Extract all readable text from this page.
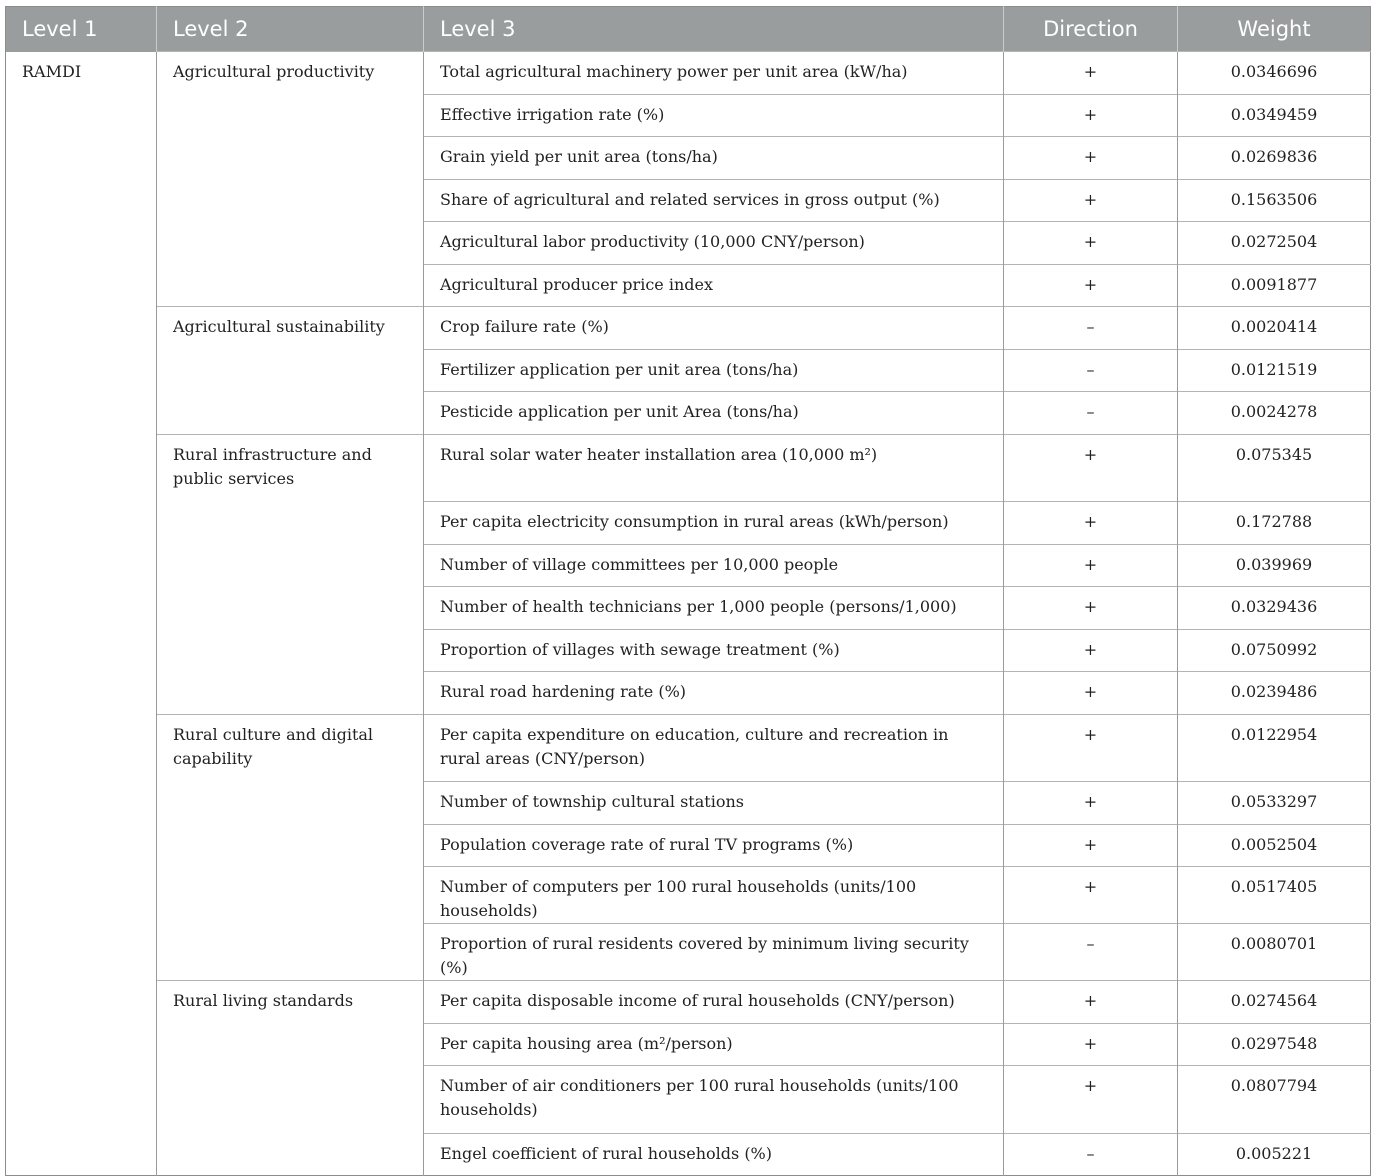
Level 1	Level 2	Level 3	Direction	Weight
RAMDI	Agricultural productivity	Total agricultural machinery power per unit area (kW/ha)	+	0.0346696
		Effective irrigation rate (%)	+	0.0349459
		Grain yield per unit area (tons/ha)	+	0.0269836
		Share of agricultural and related services in gross output (%)	+	0.1563506
		Agricultural labor productivity (10,000 CNY/person)	+	0.0272504
		Agricultural producer price index	+	0.0091877
	Agricultural sustainability	Crop failure rate (%)	–	0.0020414
		Fertilizer application per unit area (tons/ha)	–	0.0121519
		Pesticide application per unit Area (tons/ha)	–	0.0024278
	Rural infrastructure and public services	Rural solar water heater installation area (10,000 m²)	+	0.075345
		Per capita electricity consumption in rural areas (kWh/person)	+	0.172788
		Number of village committees per 10,000 people	+	0.039969
		Number of health technicians per 1,000 people (persons/1,000)	+	0.0329436
		Proportion of villages with sewage treatment (%)	+	0.0750992
		Rural road hardening rate (%)	+	0.0239486
	Rural culture and digital capability	Per capita expenditure on education, culture and recreation in rural areas (CNY/person)	+	0.0122954
		Number of township cultural stations	+	0.0533297
		Population coverage rate of rural TV programs (%)	+	0.0052504
		Number of computers per 100 rural households (units/100 households)	+	0.0517405
		Proportion of rural residents covered by minimum living security (%)	–	0.0080701
	Rural living standards	Per capita disposable income of rural households (CNY/person)	+	0.0274564
		Per capita housing area (m²/person)	+	0.0297548
		Number of air conditioners per 100 rural households (units/100 households)	+	0.0807794
		Engel coefficient of rural households (%)	–	0.005221
